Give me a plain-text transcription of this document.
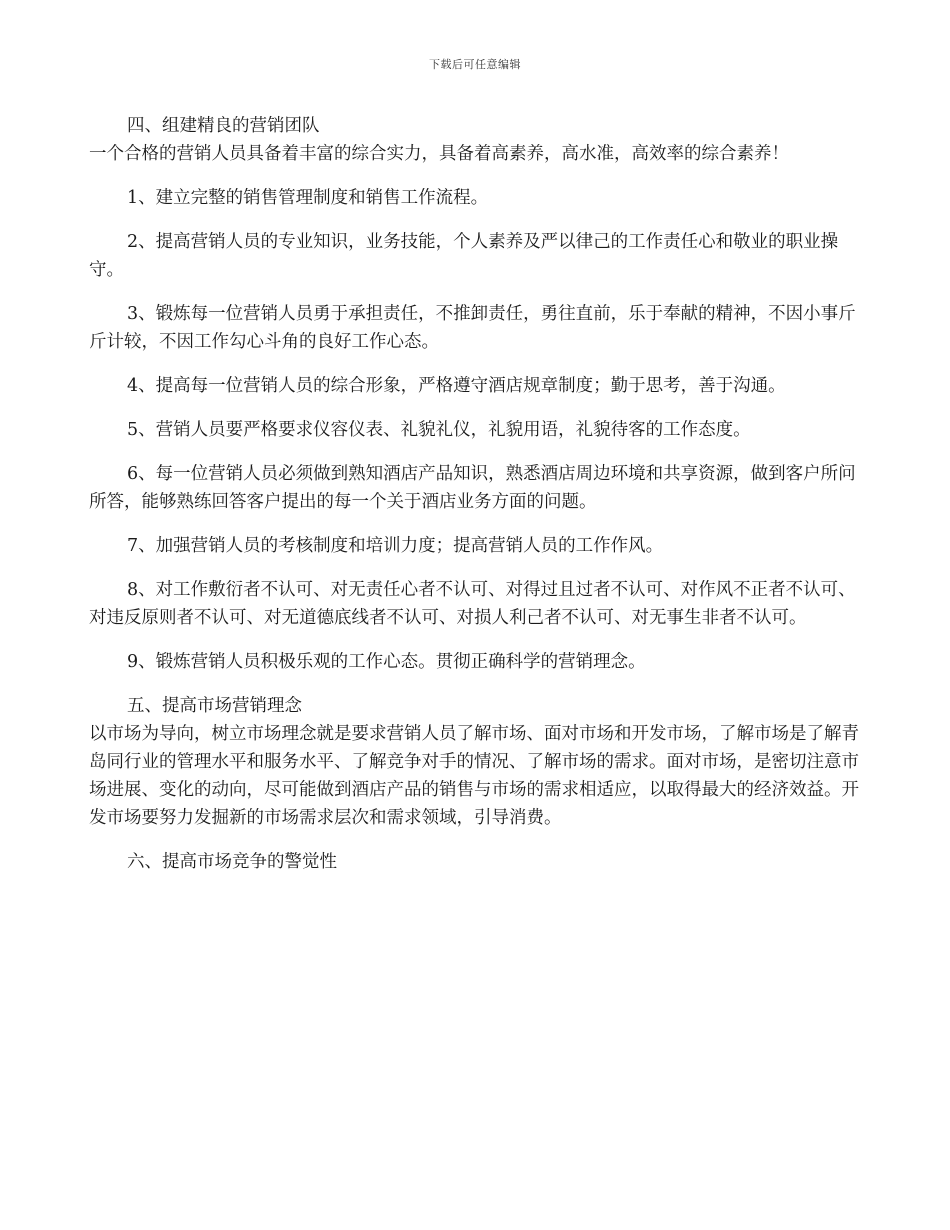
下载后可任意编辑

四、组建精良的营销团队

一个合格的营销人员具备着丰富的综合实力，具备着高素养，高水准，高效率的综合素养！

1、建立完整的销售管理制度和销售工作流程。

2、提高营销人员的专业知识，业务技能，个人素养及严以律己的工作责任心和敬业的职业操守。

3、锻炼每一位营销人员勇于承担责任，不推卸责任，勇往直前，乐于奉献的精神，不因小事斤斤计较，不因工作勾心斗角的良好工作心态。

4、提高每一位营销人员的综合形象，严格遵守酒店规章制度；勤于思考，善于沟通。

5、营销人员要严格要求仪容仪表、礼貌礼仪，礼貌用语，礼貌待客的工作态度。

6、每一位营销人员必须做到熟知酒店产品知识，熟悉酒店周边环境和共享资源，做到客户所问所答，能够熟练回答客户提出的每一个关于酒店业务方面的问题。

7、加强营销人员的考核制度和培训力度；提高营销人员的工作作风。

8、对工作敷衍者不认可、对无责任心者不认可、对得过且过者不认可、对作风不正者不认可、对违反原则者不认可、对无道德底线者不认可、对损人利己者不认可、对无事生非者不认可。

9、锻炼营销人员积极乐观的工作心态。贯彻正确科学的营销理念。

五、提高市场营销理念

以市场为导向，树立市场理念就是要求营销人员了解市场、面对市场和开发市场，了解市场是了解青岛同行业的管理水平和服务水平、了解竞争对手的情况、了解市场的需求。面对市场，是密切注意市场进展、变化的动向，尽可能做到酒店产品的销售与市场的需求相适应，以取得最大的经济效益。开发市场要努力发掘新的市场需求层次和需求领域，引导消费。

六、提高市场竞争的警觉性
